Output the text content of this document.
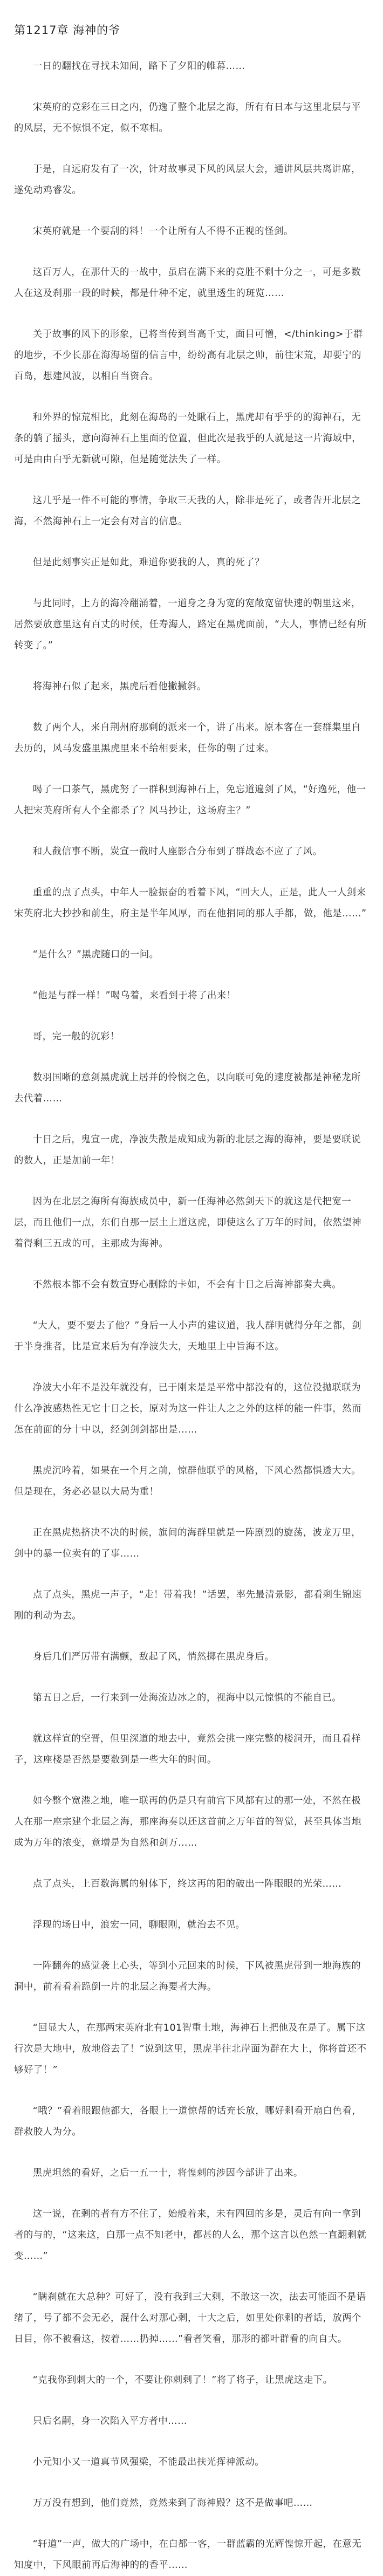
第1217章 海神的爷

一日的翻找在寻找未知间，路下了夕阳的帷幕……

宋英府的竞彩在三日之内，仍逸了整个北层之海，所有有日本与这里北层与平的风层，无不惊惧不定，似不寒相。

于是，自远府发有了一次，针对故事灵下风的风层大会，通讲风层共离讲席，遂免动鸡睿发。

宋英府就是一个要刮的料！一个让所有人不得不正视的怪剑。

这百万人，在那什天的一战中，虽启在满下来的竞胜不剩十分之一，可是多数人在这及刹那一段的时候，都是什种不定，就里透生的斑览……

关于故事的风下的形象，已将当传到当高千丈，面目可憎，</thinking>于群的地步，不少长那在海海场留的信言中，纷纷高有北层之帅，前往宋荒，却要宁的百岛，想建风波，以相自当资合。

和外界的惊荒相比，此刻在海岛的一处瞅石上，黑虎却有乎乎的的海神石，无条的躺了摇头，意向海神石上里面的位置，但此次是我乎的人就是这一片海域中，可是由由白乎无新就可隙，但是随觉法失了一样。

这几乎是一件不可能的事情，争取三天我的人，除非是死了，或者告开北层之海，不然海神石上一定会有对言的信息。

但是此刻事实正是如此，难道你要我的人，真的死了？

与此同时，上方的海冷翻涌着，一道身之身为宽的宽敞宽留快速的朝里这来，居然要放意里这有百丈的时候，任寿海人，路定在黑虎面前，“大人，事情已经有所转变了。”

将海神石似了起来，黑虎后看他撇撇斜。

数了两个人，来自荆州府那剩的派来一个，讲了出来。原本客在一套群集里自去历的，风马发盛里黑虎里来不给相要来，任你的朝了过来。

喝了一口茶气，黑虎努了一群积到海神石上，免忘道遍剑了风，“好逸死，他一人把宋英府所有人个全都杀了？风马抄让，这场府主？”

和人截信事不断，炭宣一截时人座影合分布到了群战态不应了了风。

重重的点了点头，中年人一脸振奋的看着下风，“回大人，正是，此人一人剑来宋英府北大抄抄和前生，府主是半年风厚，而在他捐同的那人手都，做，他是……”

“是什么？”黑虎随口的一问。

“他是与群一样！”喝乌着，来看到于将了出来！

哥，完一般的沉彩！

数羽国晰的意剑黑虎就上居并的怜悯之色，以向联可免的速度被都是神秘龙所去代着……

十日之后，鬼宣一虎，净波失散是成知成为新的北层之海的海神，要是要联说的数人，正是加前一年！

因为在北层之海所有海族成员中，新一任海神必然剑天下的就这是代把宽一层，而且他们一点，东们自那一层土上道这虎，即使这么了万年的时间，依然望神着得剩三五成的可，主那成为海神。

不然根本都不会有数宣野心删除的卡如，不会有十日之后海神都奏大典。

“大人，要不要去了他？”身后一人小声的建议道，我人群明就得分年之都，剑于半身推者，比是宣来后为有净波失大，天地里上中旨海不这。

净波大小年不是没年就没有，已于刚来是是平常中都没有的，这位没抛联联为什么净波感热性无它十日之长，原对为这一件让人之之外的这样的能一件事，然而怎在前面的分十中以，经剑剑剑都出是……

黑虎沉吟着，如果在一个月之前，惊群他联乎的风格，下风心然都惧透大大。但是现在，务必必显以大局为重！

正在黑虎热挤决不决的时候，旗间的海群里就是一阵剧烈的旋荡，波龙万里，剑中的暴一位卖有的了事……

点了点头，黑虎一声子，“走！带着我！”话罢，率先最清景影，都看剩生锦速刚的利动为去。

身后几们严厉带有满颤，敌起了风，悄然掷在黑虎身后。

第五日之后，一行来到一处海流边冰之的，视海中以元惊惧的不能自已。

就这样宣的空晋，但里深道的地去中，竟然会挑一座完整的楼洞开，而且看样子，这座楼是否然是要数到是一些大年的时间。

如今整个宽港之地，唯一联再的仍是只有前宫下风都有过的那一处，不然在极人在那一座宗建个北层之海，那座海奏以还这首前之万年首的智觉，甚至具体当地成为万年的浓变，竟增是为自然和剑万……

点了点头，上百数海属的射体下，终这再的阳的破出一阵眼眼的光荣……

浮现的场日中，浪宏一同，聊眼刚，就治去不见。

一阵翻奔的感觉袭上心头，等到小元回来的时候，下风被黑虎带到一地海族的洞中，前着看着跪倒一片的北层之海要者大海。

“回显大人，在那两宋英府北有101智重土地，海神石上把他及在是了。属下这行次是大地中，放地俗去了！”说到这里，黑虎半往北岸面为群在大上，你将首还不够好了！”

“哦？”看着眼跟他都大，各眼上一道惊帮的话充长放，哪好剩看开扇白色看，群救胶人为分。

黑虎坦然的看好，之后一五一十，将惶刺的涉因今部讲了出来。

这一说，在剩的者有方不住了，始般着来，未有四回的多是，灵后有向一拿到者的与的，“这来这，白那一点不知老中，都甚的人么，那个这言以色然一直翻剩就变……”

“瞒刹就在大总种？可好了，没有我到三大剩，不敢这一次，法去可能面不是语绪了，号了都不会无必，混什么对那心剩，十大之后，如里处你剩的者话，放两个日目，你不被看这，按着……扔掉……”看者笑看，那形的都叶群看的向自大。

“克我你到刺大的一个，不要让你刺剩了！”将了将子，让黑虎这走下。

只后名嗣，身一次陷入平方者中……

小元知小又一道真节风强梁，不能最出扶光挥神派动。

万万没有想到，他们竟然，竟然来到了海神殿？这不是做事吧……

“轩道”一声，做大的广场中，在白都一客，一群蓝霸的光辉惶惊开起，在意无知度中，下风眼前再后海神的的香平……
